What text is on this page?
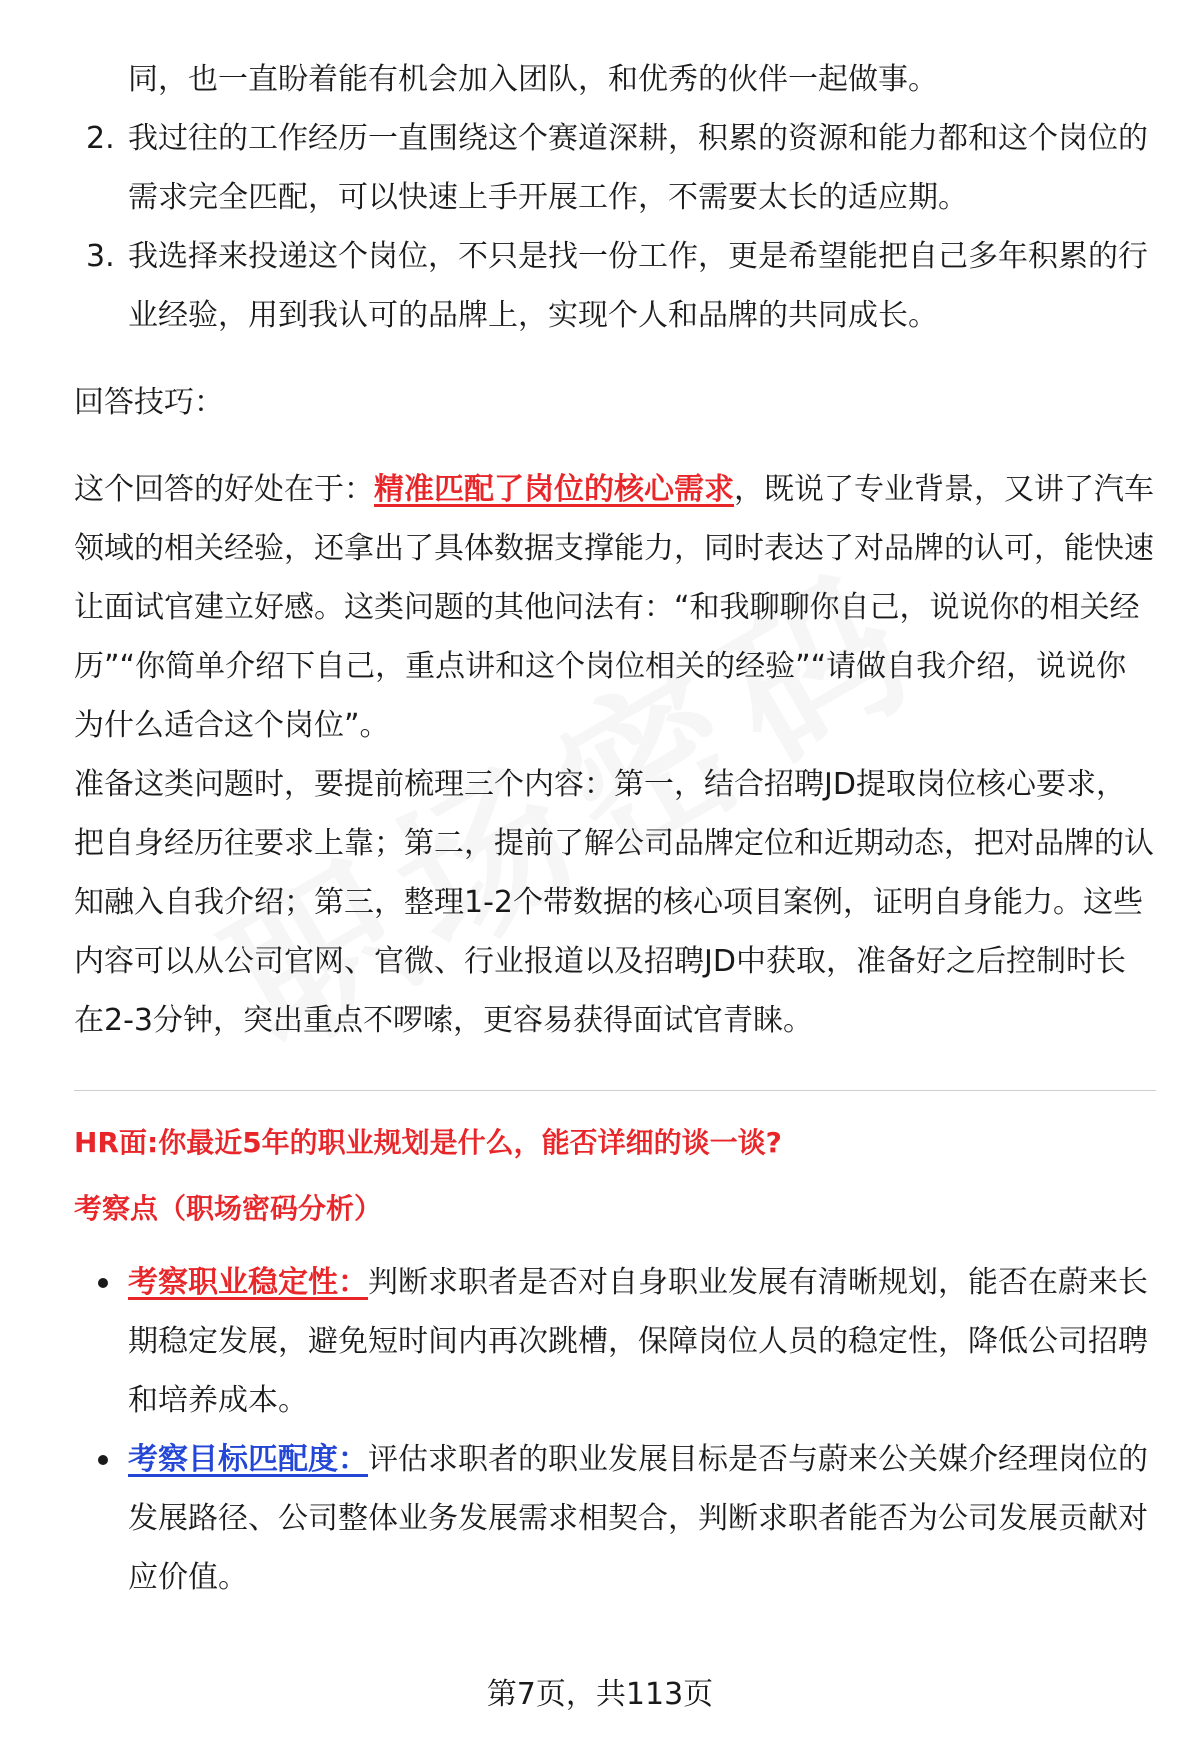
同，也一直盼着能有机会加入团队，和优秀的伙伴一起做事。
2. 我过往的工作经历一直围绕这个赛道深耕，积累的资源和能力都和这个岗位的需求完全匹配，可以快速上手开展工作，不需要太长的适应期。
3. 我选择来投递这个岗位，不只是找一份工作，更是希望能把自己多年积累的行业经验，用到我认可的品牌上，实现个人和品牌的共同成长。
回答技巧：
这个回答的好处在于：精准匹配了岗位的核心需求，既说了专业背景，又讲了汽车领域的相关经验，还拿出了具体数据支撑能力，同时表达了对品牌的认可，能快速让面试官建立好感。这类问题的其他问法有：“和我聊聊你自己，说说你的相关经历”“你简单介绍下自己，重点讲和这个岗位相关的经验”“请做自我介绍，说说你为什么适合这个岗位”。
准备这类问题时，要提前梳理三个内容：第一，结合招聘JD提取岗位核心要求，把自身经历往要求上靠；第二，提前了解公司品牌定位和近期动态，把对品牌的认知融入自我介绍；第三，整理1-2个带数据的核心项目案例，证明自身能力。这些内容可以从公司官网、官微、行业报道以及招聘JD中获取，准备好之后控制时长在2-3分钟，突出重点不啰嗦，更容易获得面试官青睐。
HR面:你最近5年的职业规划是什么，能否详细的谈一谈?
考察点（职场密码分析）
考察职业稳定性：判断求职者是否对自身职业发展有清晰规划，能否在蔚来长期稳定发展，避免短时间内再次跳槽，保障岗位人员的稳定性，降低公司招聘和培养成本。
考察目标匹配度：评估求职者的职业发展目标是否与蔚来公关媒介经理岗位的发展路径、公司整体业务发展需求相契合，判断求职者能否为公司发展贡献对应价值。
第7页，共113页
